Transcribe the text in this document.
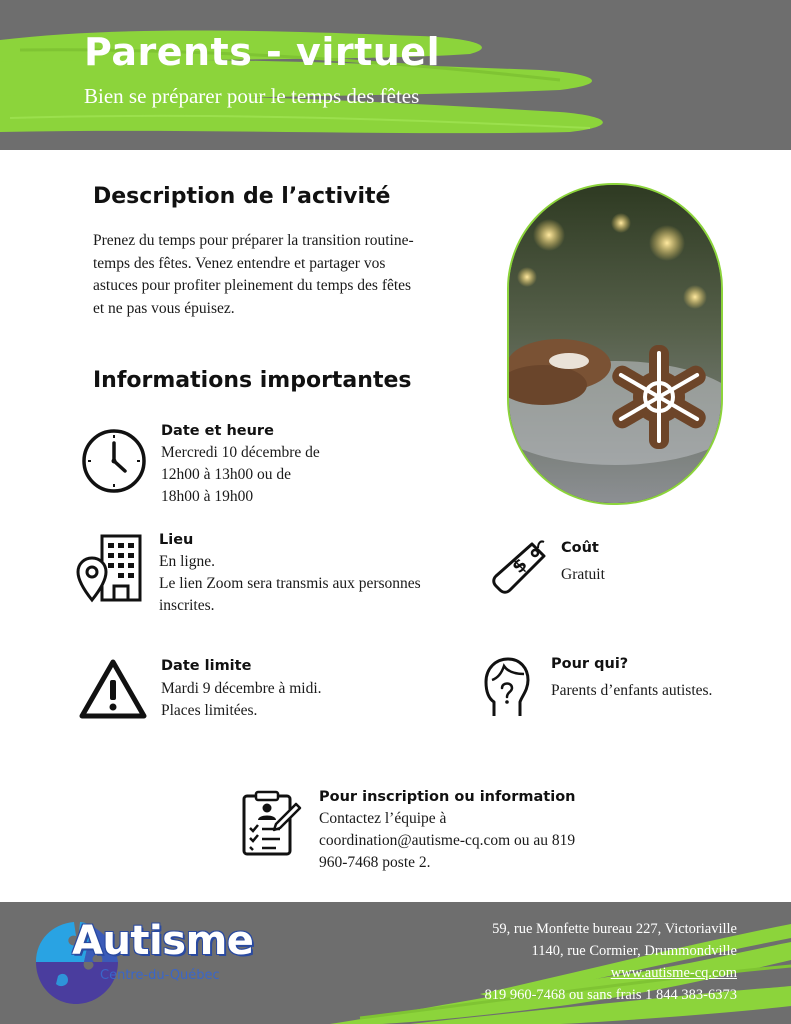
Parents - virtuel

Bien se préparer pour le temps des fêtes

Description de l’activité

Prenez du temps pour préparer la transition routine-temps des fêtes. Venez entendre et partager vos astuces pour profiter pleinement du temps des fêtes et ne pas vous épuisez.

Informations importantes

Date et heure

Mercredi 10 décembre de
12h00 à 13h00 ou de
18h00 à 19h00

Lieu

En ligne.
Le lien Zoom sera transmis aux personnes
inscrites.

$

Coût

Gratuit

Date limite

Mardi 9 décembre à midi.
Places limitées.

Pour qui?

Parents d’enfants autistes.

Pour inscription ou information

Contactez l’équipe à
coordination@autisme-cq.com ou au 819
960-7468 poste 2.

Autisme

Centre-du-Québec

59, rue Monfette bureau 227, Victoriaville

1140, rue Cormier, Drummondville

www.autisme-cq.com

819 960-7468 ou sans frais 1 844 383-6373
